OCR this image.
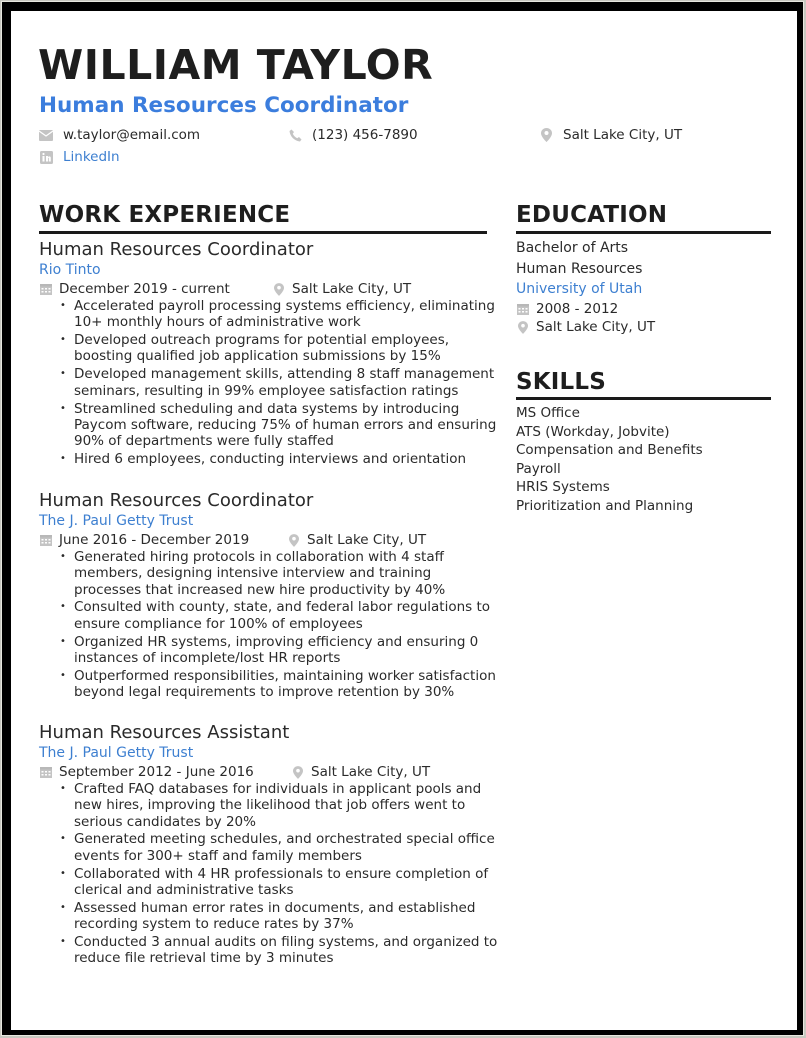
WILLIAM TAYLOR
Human Resources Coordinator
w.taylor@email.com	(123) 456-7890	Salt Lake City, UT
LinkedIn
WORK EXPERIENCE
Human Resources Coordinator
Rio Tinto
December 2019 - current	Salt Lake City, UT
• Accelerated payroll processing systems efficiency, eliminating 10+ monthly hours of administrative work
• Developed outreach programs for potential employees, boosting qualified job application submissions by 15%
• Developed management skills, attending 8 staff management seminars, resulting in 99% employee satisfaction ratings
• Streamlined scheduling and data systems by introducing Paycom software, reducing 75% of human errors and ensuring 90% of departments were fully staffed
• Hired 6 employees, conducting interviews and orientation
Human Resources Coordinator
The J. Paul Getty Trust
June 2016 - December 2019	Salt Lake City, UT
• Generated hiring protocols in collaboration with 4 staff members, designing intensive interview and training processes that increased new hire productivity by 40%
• Consulted with county, state, and federal labor regulations to ensure compliance for 100% of employees
• Organized HR systems, improving efficiency and ensuring 0 instances of incomplete/lost HR reports
• Outperformed responsibilities, maintaining worker satisfaction beyond legal requirements to improve retention by 30%
Human Resources Assistant
The J. Paul Getty Trust
September 2012 - June 2016	Salt Lake City, UT
• Crafted FAQ databases for individuals in applicant pools and new hires, improving the likelihood that job offers went to serious candidates by 20%
• Generated meeting schedules, and orchestrated special office events for 300+ staff and family members
• Collaborated with 4 HR professionals to ensure completion of clerical and administrative tasks
• Assessed human error rates in documents, and established recording system to reduce rates by 37%
• Conducted 3 annual audits on filing systems, and organized to reduce file retrieval time by 3 minutes
EDUCATION
Bachelor of Arts
Human Resources
University of Utah
2008 - 2012
Salt Lake City, UT
SKILLS
MS Office
ATS (Workday, Jobvite)
Compensation and Benefits
Payroll
HRIS Systems
Prioritization and Planning
